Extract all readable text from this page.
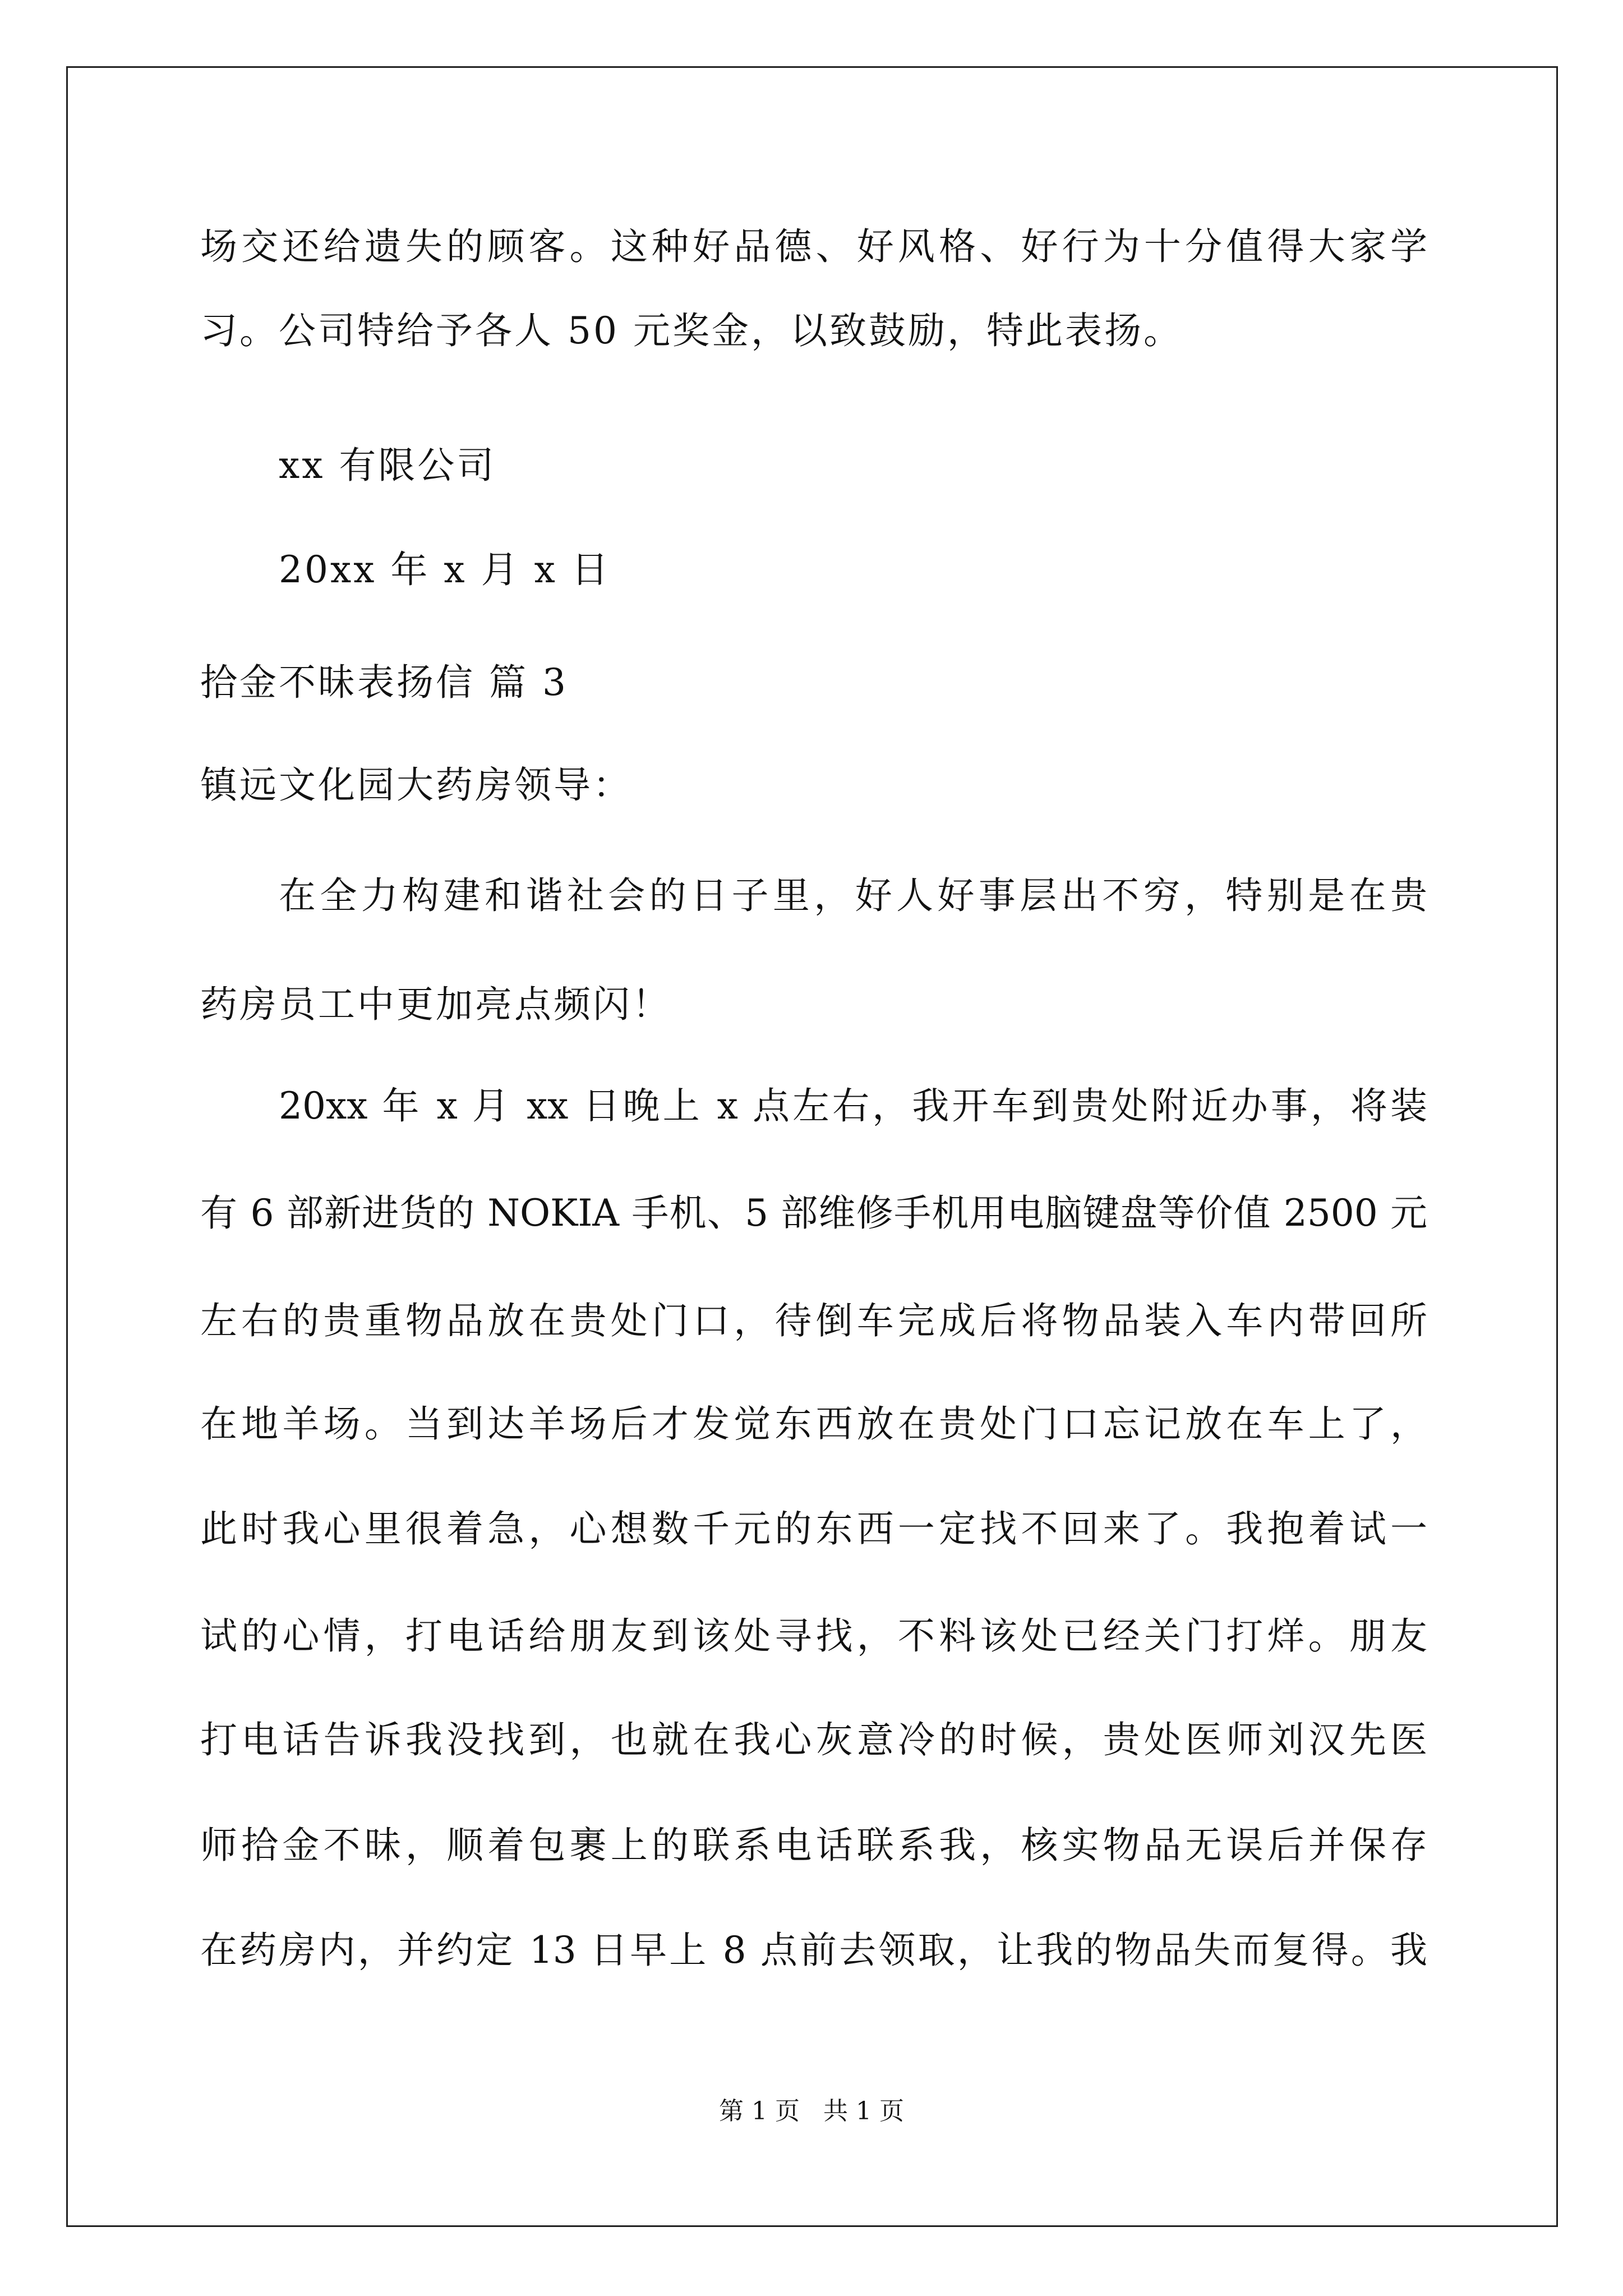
场交还给遗失的顾客。这种好品德、好风格、好行为十分值得大家学
习。公司特给予各人 50 元奖金，以致鼓励，特此表扬。
xx 有限公司
20xx 年 x 月 x 日
拾金不昧表扬信 篇 3
镇远文化园大药房领导：
在全力构建和谐社会的日子里，好人好事层出不穷，特别是在贵
药房员工中更加亮点频闪！
20xx 年 x 月 xx 日晚上 x 点左右，我开车到贵处附近办事，将装
有 6 部新进货的 NOKIA 手机、5 部维修手机用电脑键盘等价值 2500 元
左右的贵重物品放在贵处门口，待倒车完成后将物品装入车内带回所
在地羊场。当到达羊场后才发觉东西放在贵处门口忘记放在车上了，
此时我心里很着急，心想数千元的东西一定找不回来了。我抱着试一
试的心情，打电话给朋友到该处寻找，不料该处已经关门打烊。朋友
打电话告诉我没找到，也就在我心灰意冷的时候，贵处医师刘汉先医
师拾金不昧，顺着包裹上的联系电话联系我，核实物品无误后并保存
在药房内，并约定 13 日早上 8 点前去领取，让我的物品失而复得。我
第 1 页   共 1 页
